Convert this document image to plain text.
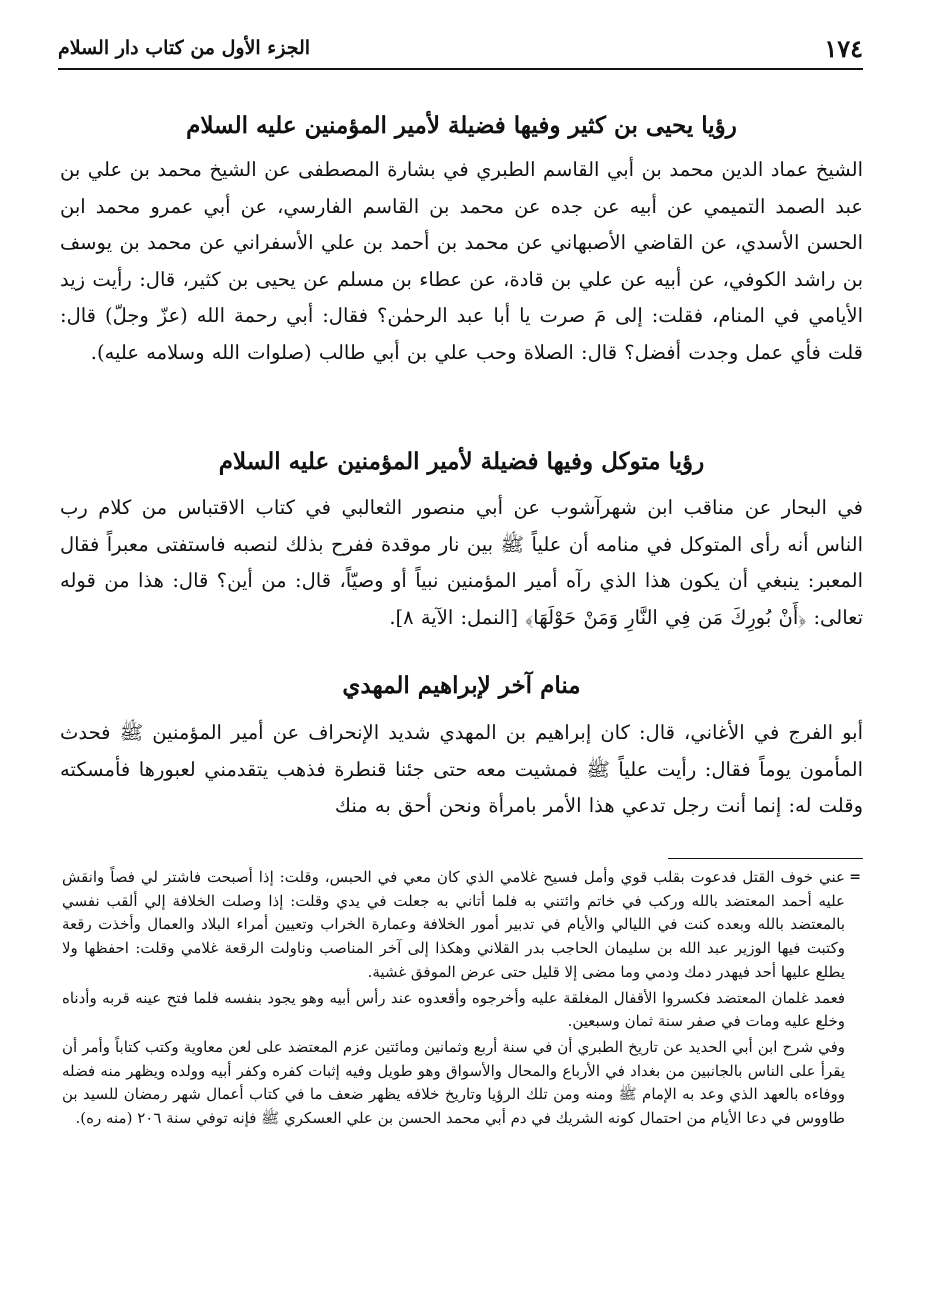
١٧٤
الجزء الأول من كتاب دار السلام
رؤيا يحيى بن كثير وفيها فضيلة لأمير المؤمنين عليه السلام

الشيخ عماد الدين محمد بن أبي القاسم الطبري في بشارة المصطفى عن الشيخ محمد بن علي بن عبد الصمد التميمي عن أبيه عن جده عن محمد بن القاسم الفارسي، عن أبي عمرو محمد ابن الحسن الأسدي، عن القاضي الأصبهاني عن محمد بن أحمد بن علي الأسفراني عن محمد بن يوسف بن راشد الكوفي، عن أبيه عن علي بن قادة، عن عطاء بن مسلم عن يحيى بن كثير، قال: رأيت زيد الأيامي في المنام، فقلت: إلى مَ صرت يا أبا عبد الرحمٰن؟ فقال: أبي رحمة الله (عزّ وجلّ) قال: قلت فأي عمل وجدت أفضل؟ قال: الصلاة وحب علي بن أبي طالب (صلوات الله وسلامه عليه).

رؤيا متوكل وفيها فضيلة لأمير المؤمنين عليه السلام

في البحار عن مناقب ابن شهرآشوب عن أبي منصور الثعالبي في كتاب الاقتباس من كلام رب الناس أنه رأى المتوكل في منامه أن علياً ﷺ بين نار موقدة ففرح بذلك لنصبه فاستفتى معبراً فقال المعبر: ينبغي أن يكون هذا الذي رآه أمير المؤمنين نبياً أو وصيّاً، قال: من أين؟ قال: هذا من قوله تعالى: ﴿أَنْ بُورِكَ مَن فِي النَّارِ وَمَنْ حَوْلَهَا﴾ [النمل: الآية ٨].

منام آخر لإبراهيم المهدي

أبو الفرج في الأغاني، قال: كان إبراهيم بن المهدي شديد الإنحراف عن أمير المؤمنين ﷺ فحدث المأمون يوماً فقال: رأيت علياً ﷺ فمشيت معه حتى جئنا قنطرة فذهب يتقدمني لعبورها فأمسكته وقلت له: إنما أنت رجل تدعي هذا الأمر بامرأة ونحن أحق به منك

=

عني خوف القتل فدعوت بقلب قوي وأمل فسيح غلامي الذي كان معي في الحبس، وقلت: إذا أصبحت فاشتر لي فصاً وانقش عليه أحمد المعتضد بالله وركب في خاتم وائتني به فلما أتاني به جعلت في يدي وقلت: إذا وصلت الخلافة إلي ألقب نفسي بالمعتضد بالله وبعده كنت في الليالي والأيام في تدبير أمور الخلافة وعمارة الخراب وتعيين أمراء البلاد والعمال وأخذت رقعة وكتبت فيها الوزير عبد الله بن سليمان الحاجب بدر القلاني وهكذا إلى آخر المناصب وناولت الرقعة غلامي وقلت: احفظها ولا يطلع عليها أحد فيهدر دمك ودمي وما مضى إلا قليل حتى عرض الموفق غشية.

فعمد غلمان المعتضد فكسروا الأقفال المغلقة عليه وأخرجوه وأقعدوه عند رأس أبيه وهو يجود بنفسه فلما فتح عينه قربه وأدناه وخلع عليه ومات في صفر سنة ثمان وسبعين.

وفي شرح ابن أبي الحديد عن تاريخ الطبري أن في سنة أربع وثمانين ومائتين عزم المعتضد على لعن معاوية وكتب كتاباً وأمر أن يقرأ على الناس بالجانبين من بغداد في الأرباع والمحال والأسواق وهو طويل وفيه إثبات كفره وكفر أبيه وولده ويظهر منه فضله ووفاءه بالعهد الذي وعد به الإمام ﷺ ومنه ومن تلك الرؤيا وتاريخ خلافه يظهر ضعف ما في كتاب أعمال شهر رمضان للسيد بن طاووس في دعا الأيام من احتمال كونه الشريك في دم أبي محمد الحسن بن علي العسكري ﷺ فإنه توفي سنة ٢٠٦ (منه ره).
